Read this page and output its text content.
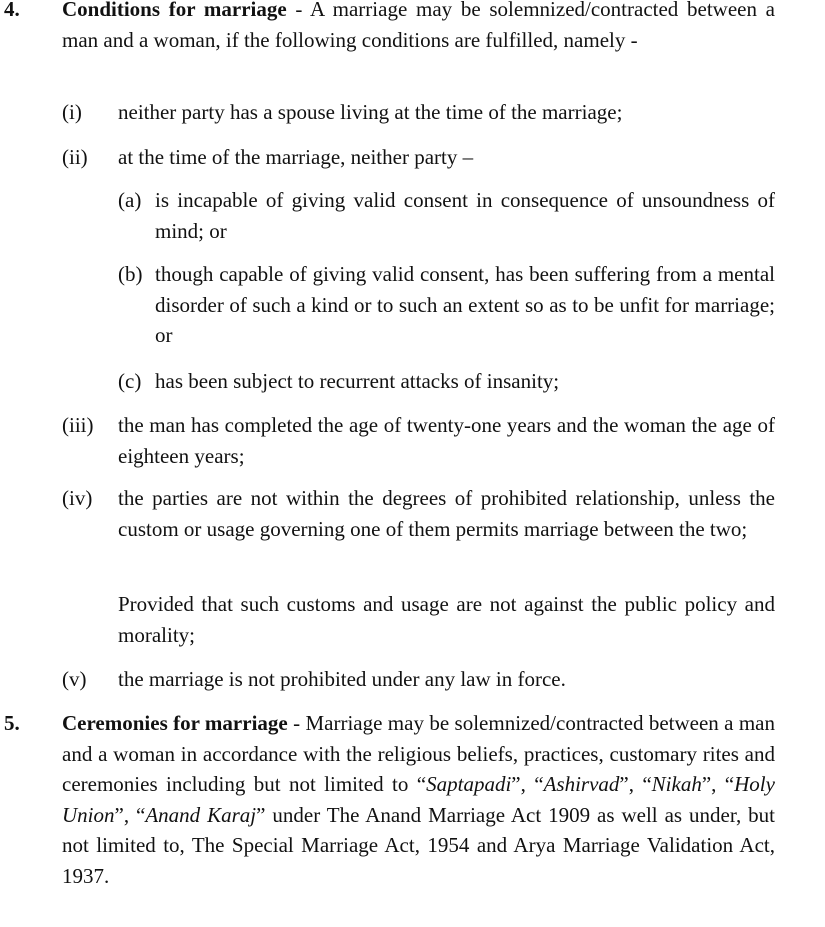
4. Conditions for marriage - A marriage may be solemnized/contracted between a man and a woman, if the following conditions are fulfilled, namely -
(i) neither party has a spouse living at the time of the marriage;
(ii) at the time of the marriage, neither party –
(a) is incapable of giving valid consent in consequence of unsoundness of mind; or
(b) though capable of giving valid consent, has been suffering from a mental disorder of such a kind or to such an extent so as to be unfit for marriage; or
(c) has been subject to recurrent attacks of insanity;
(iii) the man has completed the age of twenty-one years and the woman the age of eighteen years;
(iv) the parties are not within the degrees of prohibited relationship, unless the custom or usage governing one of them permits marriage between the two;
Provided that such customs and usage are not against the public policy and morality;
(v) the marriage is not prohibited under any law in force.
5. Ceremonies for marriage - Marriage may be solemnized/contracted between a man and a woman in accordance with the religious beliefs, practices, customary rites and ceremonies including but not limited to “Saptapadi”, “Ashirvad”, “Nikah”, “Holy Union”, “Anand Karaj” under The Anand Marriage Act 1909 as well as under, but not limited to, The Special Marriage Act, 1954 and Arya Marriage Validation Act, 1937.
